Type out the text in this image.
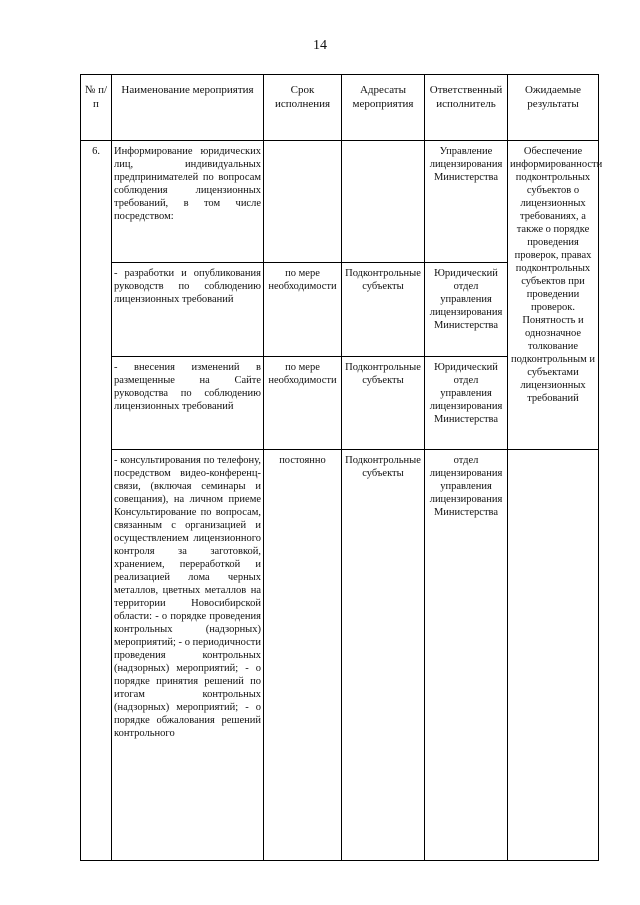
14
№ п/п	Наименование мероприятия	Срок исполнения	Адресаты мероприятия	Ответственный исполнитель	Ожидаемые результаты
6.	Информирование юридических лиц, индивидуальных предпринимателей по вопросам соблюдения лицензионных требований, в том числе посредством:			Управление лицензирования Министерства	Обеспечение информированности подконтрольных субъектов о лицензионных требованиях, а также о порядке проведения проверок, правах подконтрольных субъектов при проведении проверок. Понятность и однозначное толкование подконтрольным и субъектами лицензионных требований
	- разработки и опубликования руководств по соблюдению лицензионных требований	по мере необходимости	Подконтрольные субъекты	Юридический отдел управления лицензирования Министерства	
	- внесения изменений в размещенные на Сайте руководства по соблюдению лицензионных требований	по мере необходимости	Подконтрольные субъекты	Юридический отдел управления лицензирования Министерства	
	- консультирования по телефону, посредством видео-конференц-связи, (включая семинары и совещания), на личном приеме Консультирование по вопросам, связанным с организацией и осуществлением лицензионного контроля за заготовкой, хранением, переработкой и реализацией лома черных металлов, цветных металлов на территории Новосибирской области: - о порядке проведения контрольных (надзорных) мероприятий; - о периодичности проведения контрольных (надзорных) мероприятий; - о порядке принятия решений по итогам контрольных (надзорных) мероприятий; - о порядке обжалования решений контрольного	постоянно	Подконтрольные субъекты	отдел лицензирования управления лицензирования Министерства	
